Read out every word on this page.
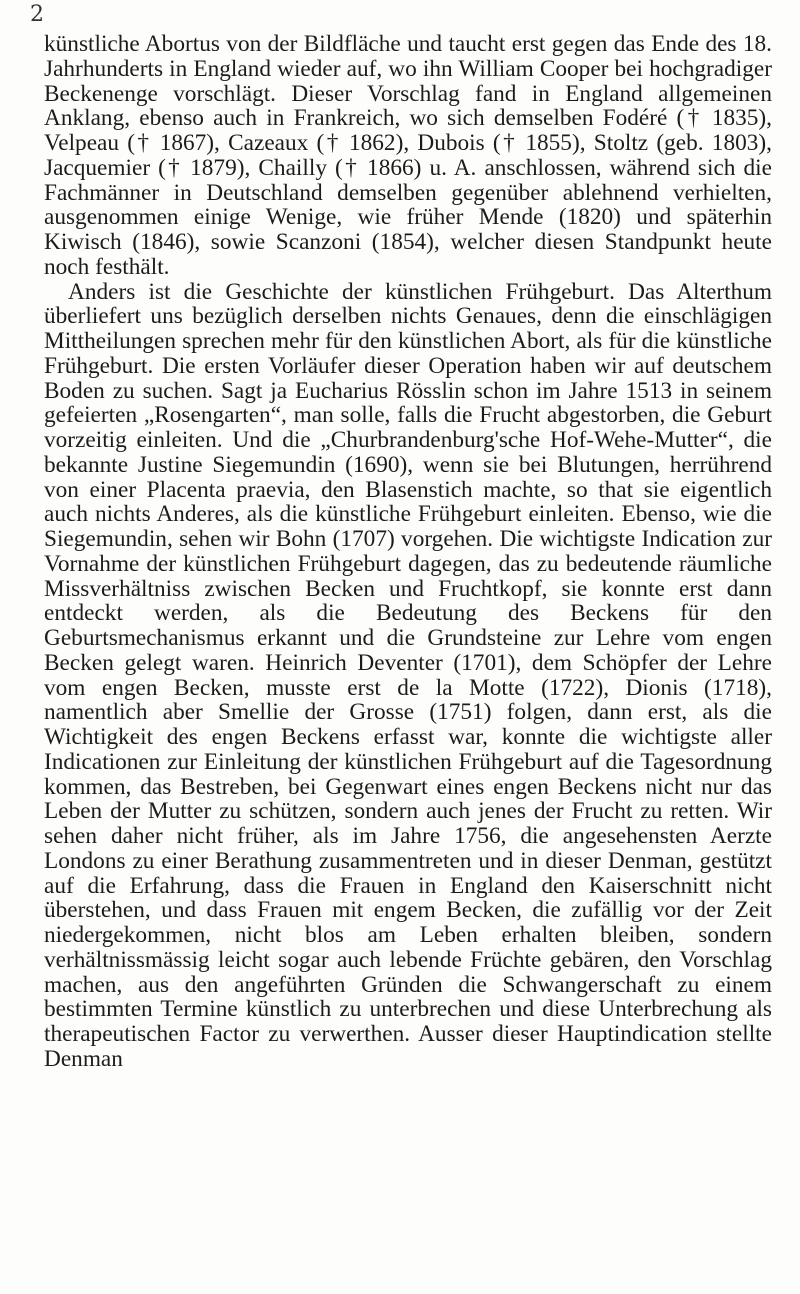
2

künstliche Abortus von der Bildfläche und taucht erst gegen das Ende des 18. Jahrhunderts in England wieder auf, wo ihn William Cooper bei hochgradiger Beckenenge vorschlägt. Dieser Vorschlag fand in England allgemeinen Anklang, ebenso auch in Frankreich, wo sich demselben Fodéré († 1835), Velpeau († 1867), Cazeaux († 1862), Dubois († 1855), Stoltz (geb. 1803), Jacquemier († 1879), Chailly († 1866) u. A. anschlossen, während sich die Fachmänner in Deutschland demselben gegenüber ablehnend verhielten, ausgenommen einige Wenige, wie früher Mende (1820) und späterhin Kiwisch (1846), sowie Scanzoni (1854), welcher diesen Standpunkt heute noch festhält.

Anders ist die Geschichte der künstlichen Frühgeburt. Das Alterthum überliefert uns bezüglich derselben nichts Genaues, denn die einschlägigen Mittheilungen sprechen mehr für den künstlichen Abort, als für die künstliche Frühgeburt. Die ersten Vorläufer dieser Operation haben wir auf deutschem Boden zu suchen. Sagt ja Eucharius Rösslin schon im Jahre 1513 in seinem gefeierten „Rosengarten“, man solle, falls die Frucht abgestorben, die Geburt vorzeitig einleiten. Und die „Churbrandenburg'sche Hof-Wehe-Mutter“, die bekannte Justine Siegemundin (1690), wenn sie bei Blutungen, herrührend von einer Placenta praevia, den Blasenstich machte, so that sie eigentlich auch nichts Anderes, als die künstliche Frühgeburt einleiten. Ebenso, wie die Siegemundin, sehen wir Bohn (1707) vorgehen. Die wichtigste Indication zur Vornahme der künstlichen Frühgeburt dagegen, das zu bedeutende räumliche Missverhältniss zwischen Becken und Fruchtkopf, sie konnte erst dann entdeckt werden, als die Bedeutung des Beckens für den Geburtsmechanismus erkannt und die Grundsteine zur Lehre vom engen Becken gelegt waren. Heinrich Deventer (1701), dem Schöpfer der Lehre vom engen Becken, musste erst de la Motte (1722), Dionis (1718), namentlich aber Smellie der Grosse (1751) folgen, dann erst, als die Wichtigkeit des engen Beckens erfasst war, konnte die wichtigste aller Indicationen zur Einleitung der künstlichen Frühgeburt auf die Tagesordnung kommen, das Bestreben, bei Gegenwart eines engen Beckens nicht nur das Leben der Mutter zu schützen, sondern auch jenes der Frucht zu retten. Wir sehen daher nicht früher, als im Jahre 1756, die angesehensten Aerzte Londons zu einer Berathung zusammentreten und in dieser Denman, gestützt auf die Erfahrung, dass die Frauen in England den Kaiserschnitt nicht überstehen, und dass Frauen mit engem Becken, die zufällig vor der Zeit niedergekommen, nicht blos am Leben erhalten bleiben, sondern verhältnissmässig leicht sogar auch lebende Früchte gebären, den Vorschlag machen, aus den angeführten Gründen die Schwangerschaft zu einem bestimmten Termine künstlich zu unterbrechen und diese Unterbrechung als therapeutischen Factor zu verwerthen. Ausser dieser Hauptindication stellte Denman
